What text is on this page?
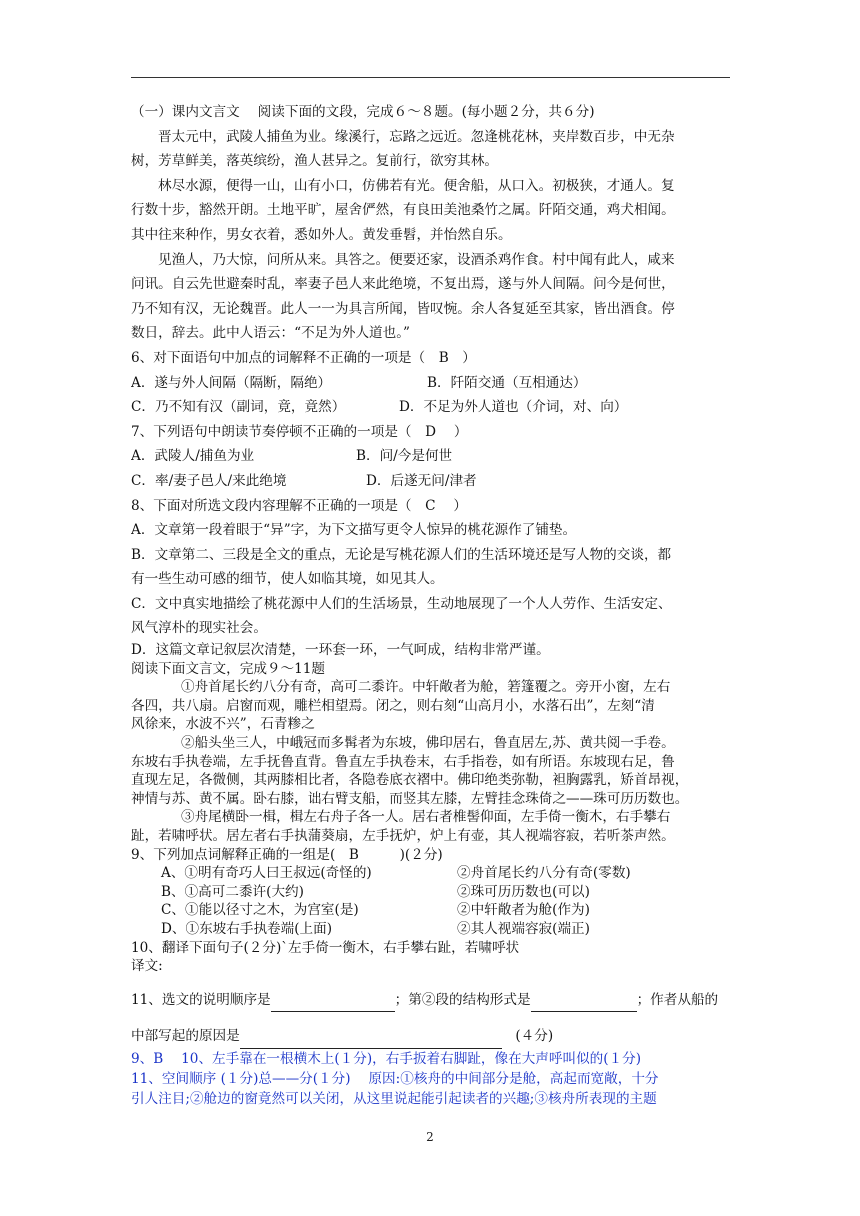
（一）课内文言文　 阅读下面的文段，完成６～８题。(每小题２分，共６分)
晋太元中，武陵人捕鱼为业。缘溪行，忘路之远近。忽逢桃花林，夹岸数百步，中无杂
树，芳草鲜美，落英缤纷，渔人甚异之。复前行，欲穷其林。
林尽水源，便得一山，山有小口，仿佛若有光。便舍船，从口入。初极狭，才通人。复
行数十步，豁然开朗。土地平旷，屋舍俨然，有良田美池桑竹之属。阡陌交通，鸡犬相闻。
其中往来种作，男女衣着，悉如外人。黄发垂髫，并怡然自乐。
见渔人，乃大惊，问所从来。具答之。便要还家，设酒杀鸡作食。村中闻有此人，咸来
问讯。自云先世避秦时乱，率妻子邑人来此绝境，不复出焉，遂与外人间隔。问今是何世，
乃不知有汉，无论魏晋。此人一一为具言所闻，皆叹惋。余人各复延至其家，皆出酒食。停
数日，辞去。此中人语云：“不足为外人道也。”
6、对下面语句中加点的词解释不正确的一项是（　B　）
A．遂与外人间隔（隔断，隔绝）	B．阡陌交通（互相通达）
C．乃不知有汉（副词，竟，竟然）	D．不足为外人道也（介词，对、向）
7、下列语句中朗读节奏停顿不正确的一项是（　D　 ）
A．武陵人/捕鱼为业	B．问/今是何世
C．率/妻子邑人/来此绝境	D．后遂无问/津者
8、下面对所选文段内容理解不正确的一项是（　C　 ）
A．文章第一段着眼于“异”字，为下文描写更令人惊异的桃花源作了铺垫。
B．文章第二、三段是全文的重点，无论是写桃花源人们的生活环境还是写人物的交谈，都
有一些生动可感的细节，使人如临其境，如见其人。
C．文中真实地描绘了桃花源中人们的生活场景，生动地展现了一个人人劳作、生活安定、
风气淳朴的现实社会。
D．这篇文章记叙层次清楚，一环套一环，一气呵成，结构非常严谨。
阅读下面文言文，完成９～11题
①舟首尾长约八分有奇，高可二黍许。中轩敞者为舱，箬篷覆之。旁开小窗，左右
各四，共八扇。启窗而观，雕栏相望焉。闭之，则右刻“山高月小，水落石出”，左刻“清
风徐来，水波不兴”，石青糁之
②船头坐三人，中峨冠而多髯者为东坡，佛印居右，鲁直居左,苏、黄共阅一手卷。
东坡右手执卷端，左手抚鲁直背。鲁直左手执卷末，右手指卷，如有所语。东坡现右足，鲁
直现左足，各微侧，其两膝相比者，各隐卷底衣褶中。佛印绝类弥勒，袒胸露乳，矫首昂视，
神情与苏、黄不属。卧右膝，诎右臂支船，而竖其左膝，左臂挂念珠倚之——珠可历历数也。
③舟尾横卧一楫，楫左右舟子各一人。居右者椎髻仰面，左手倚一衡木，右手攀右
趾，若啸呼状。居左者右手执蒲葵扇，左手抚炉，炉上有壶，其人视端容寂，若听茶声然。
9、下列加点词解释正确的一组是(　B　　　)(２分)
A、①明有奇巧人曰王叔远(奇怪的)	②舟首尾长约八分有奇(零数)
B、①高可二黍许(大约)	②珠可历历数也(可以)
C、①能以径寸之木，为宫室(是)	②中轩敞者为舱(作为)
D、①东坡右手执卷端(上面)	②其人视端容寂(端正)
10、翻译下面句子(２分)ˋ左手倚一衡木，右手攀右趾，若啸呼状
译文:
11、选文的说明顺序是	；第②段的结构形式是	；作者从船的
中部写起的原因是	　(４分)
9、B　 10、左手靠在一根横木上(１分)，右手扳着右脚趾，像在大声呼叫似的(１分)
11、空间顺序 (１分)总——分(１分)　 原因:①核舟的中间部分是舱，高起而宽敞，十分
引人注目;②舱边的窗竟然可以关闭，从这里说起能引起读者的兴趣;③核舟所表现的主题
2
